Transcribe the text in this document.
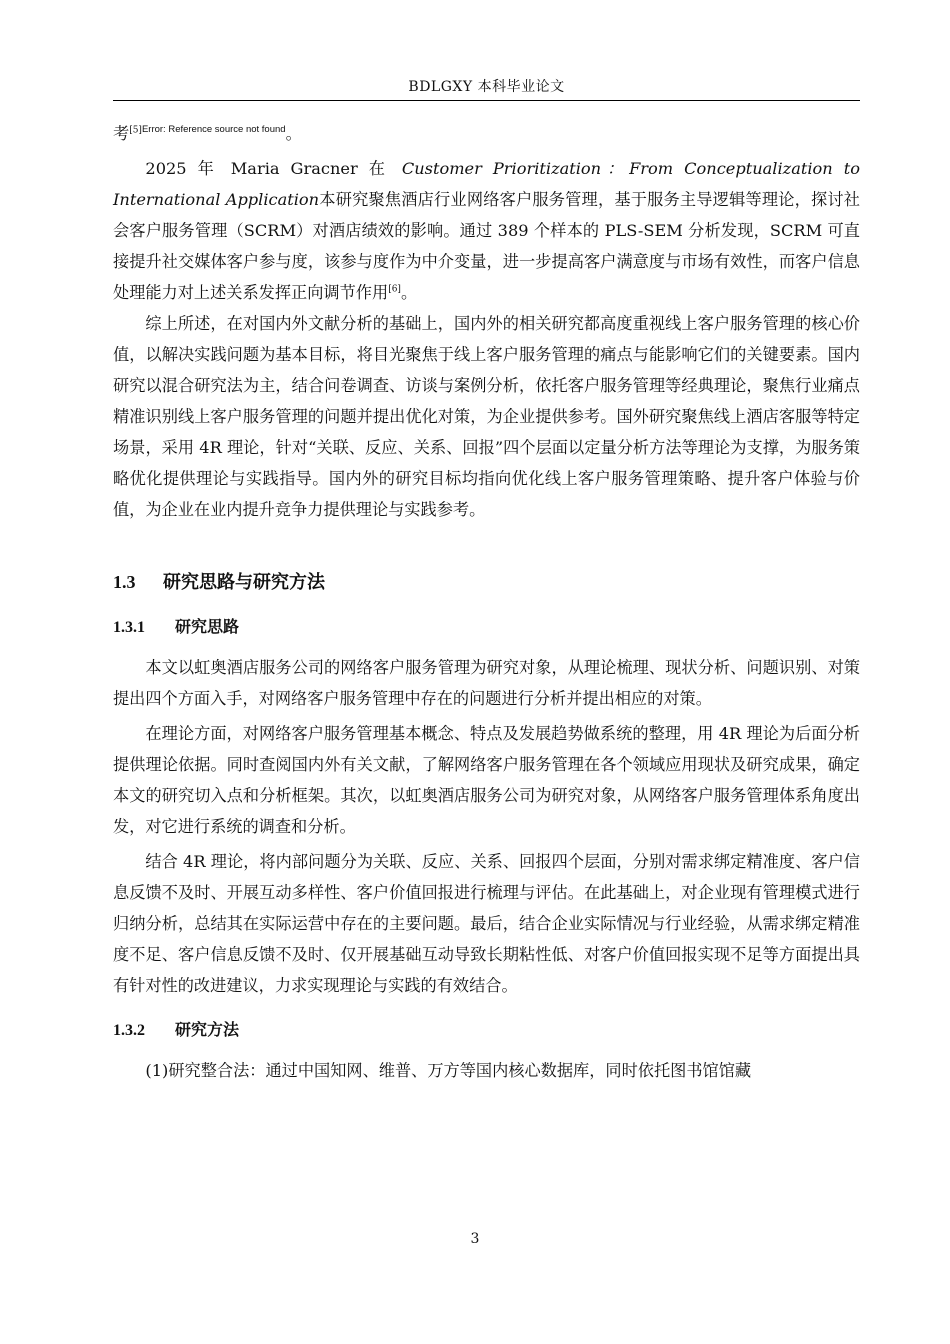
BDLGXY 本科毕业论文

考$^{[5]Error: Reference source not found}$。

2025 年 Maria Gracner 在 Customer Prioritization：From Conceptualization to International Application本研究聚焦酒店行业网络客户服务管理，基于服务主导逻辑等理论，探讨社会客户服务管理（SCRM）对酒店绩效的影响。通过 389 个样本的 PLS-SEM 分析发现，SCRM 可直接提升社交媒体客户参与度，该参与度作为中介变量，进一步提高客户满意度与市场有效性，而客户信息处理能力对上述关系发挥正向调节作用[6]。

综上所述，在对国内外文献分析的基础上，国内外的相关研究都高度重视线上客户服务管理的核心价值，以解决实践问题为基本目标，将目光聚焦于线上客户服务管理的痛点与能影响它们的关键要素。国内研究以混合研究法为主，结合问卷调查、访谈与案例分析，依托客户服务管理等经典理论，聚焦行业痛点精准识别线上客户服务管理的问题并提出优化对策，为企业提供参考。国外研究聚焦线上酒店客服等特定场景，采用 4R 理论，针对“关联、反应、关系、回报”四个层面以定量分析方法等理论为支撑，为服务策略优化提供理论与实践指导。国内外的研究目标均指向优化线上客户服务管理策略、提升客户体验与价值，为企业在业内提升竞争力提供理论与实践参考。

1.3 研究思路与研究方法
1.3.1 研究思路

本文以虹奥酒店服务公司的网络客户服务管理为研究对象，从理论梳理、现状分析、问题识别、对策提出四个方面入手，对网络客户服务管理中存在的问题进行分析并提出相应的对策。

在理论方面，对网络客户服务管理基本概念、特点及发展趋势做系统的整理，用 4R 理论为后面分析提供理论依据。同时查阅国内外有关文献，了解网络客户服务管理在各个领域应用现状及研究成果，确定本文的研究切入点和分析框架。其次，以虹奥酒店服务公司为研究对象，从网络客户服务管理体系角度出发，对它进行系统的调查和分析。

结合 4R 理论，将内部问题分为关联、反应、关系、回报四个层面，分别对需求绑定精准度、客户信息反馈不及时、开展互动多样性、客户价值回报进行梳理与评估。在此基础上，对企业现有管理模式进行归纳分析，总结其在实际运营中存在的主要问题。最后，结合企业实际情况与行业经验，从需求绑定精准度不足、客户信息反馈不及时、仅开展基础互动导致长期粘性低、对客户价值回报实现不足等方面提出具有针对性的改进建议，力求实现理论与实践的有效结合。

1.3.2 研究方法

(1)研究整合法：通过中国知网、维普、万方等国内核心数据库，同时依托图书馆馆藏

3
